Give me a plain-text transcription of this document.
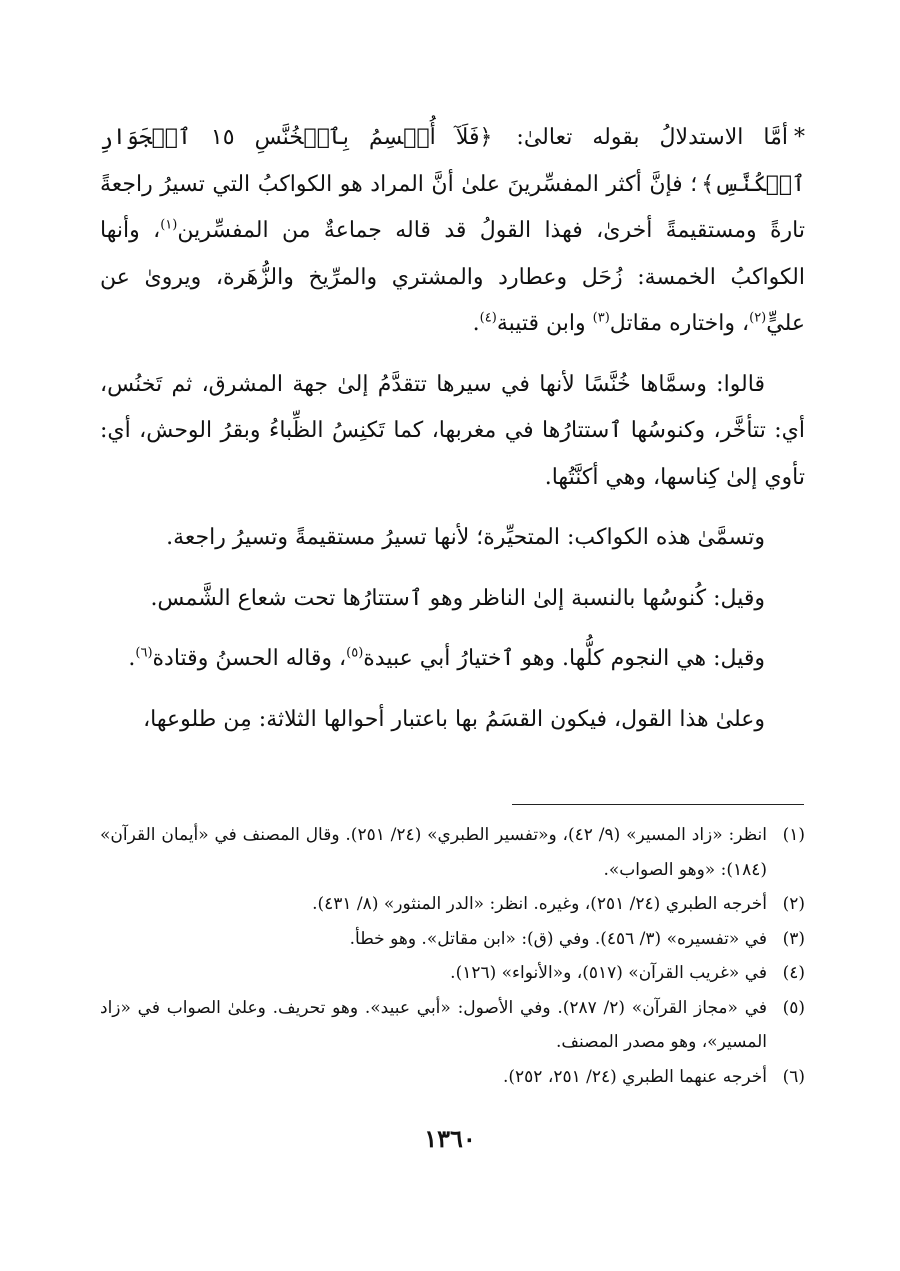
*أمَّا الاستدلالُ بقوله تعالىٰ: ﴿فَلَآ أُقۡسِمُ بِٱلۡخُنَّسِ ١٥ ٱلۡجَوَارِ ٱلۡكُنَّسِ﴾؛ فإنَّ أكثر المفسِّرينَ علىٰ أنَّ المراد هو الكواكبُ التي تسيرُ راجعةً تارةً ومستقيمةً أخرىٰ، فهذا القولُ قد قاله جماعةٌ من المفسِّرين$^{(١)}$، وأنها الكواكبُ الخمسة: زُحَل وعطارد والمشتري والمرِّيخ والزُّهَرة، ويروىٰ عن عليٍّ$^{(٢)}$، واختاره مقاتل$^{(٣)}$ وابن قتيبة$^{(٤)}$.

قالوا: وسمَّاها خُنَّسًا لأنها في سيرها تتقدَّمُ إلىٰ جهة المشرق، ثم تَخنُس، أي: تتأخَّر، وكنوسُها ٱستتارُها في مغربها، كما تَكنِسُ الظِّباءُ وبقرُ الوحش، أي: تأوي إلىٰ كِناسها، وهي أكنَّتُها.

وتسمَّىٰ هذه الكواكب: المتحيِّرة؛ لأنها تسيرُ مستقيمةً وتسيرُ راجعة.

وقيل: كُنوسُها بالنسبة إلىٰ الناظر وهو ٱستتارُها تحت شعاع الشَّمس.

وقيل: هي النجوم كلُّها. وهو ٱختيارُ أبي عبيدة$^{(٥)}$، وقاله الحسنُ وقتادة$^{(٦)}$.

وعلىٰ هذا القول، فيكون القسَمُ بها باعتبار أحوالها الثلاثة: مِن طلوعها،

(١)
انظر: «زاد المسير» (٩/ ٤٢)، و«تفسير الطبري» (٢٤/ ٢٥١). وقال المصنف في «أيمان القرآن» (١٨٤): «وهو الصواب».
(٢)
أخرجه الطبري (٢٤/ ٢٥١)، وغيره. انظر: «الدر المنثور» (٨/ ٤٣١).
(٣)
في «تفسيره» (٣/ ٤٥٦). وفي (ق): «ابن مقاتل». وهو خطأ.
(٤)
في «غريب القرآن» (٥١٧)، و«الأنواء» (١٢٦).
(٥)
في «مجاز القرآن» (٢/ ٢٨٧). وفي الأصول: «أبي عبيد». وهو تحريف. وعلىٰ الصواب في «زاد المسير»، وهو مصدر المصنف.
(٦)
أخرجه عنهما الطبري (٢٤/ ٢٥١، ٢٥٢).
١٣٦٠
